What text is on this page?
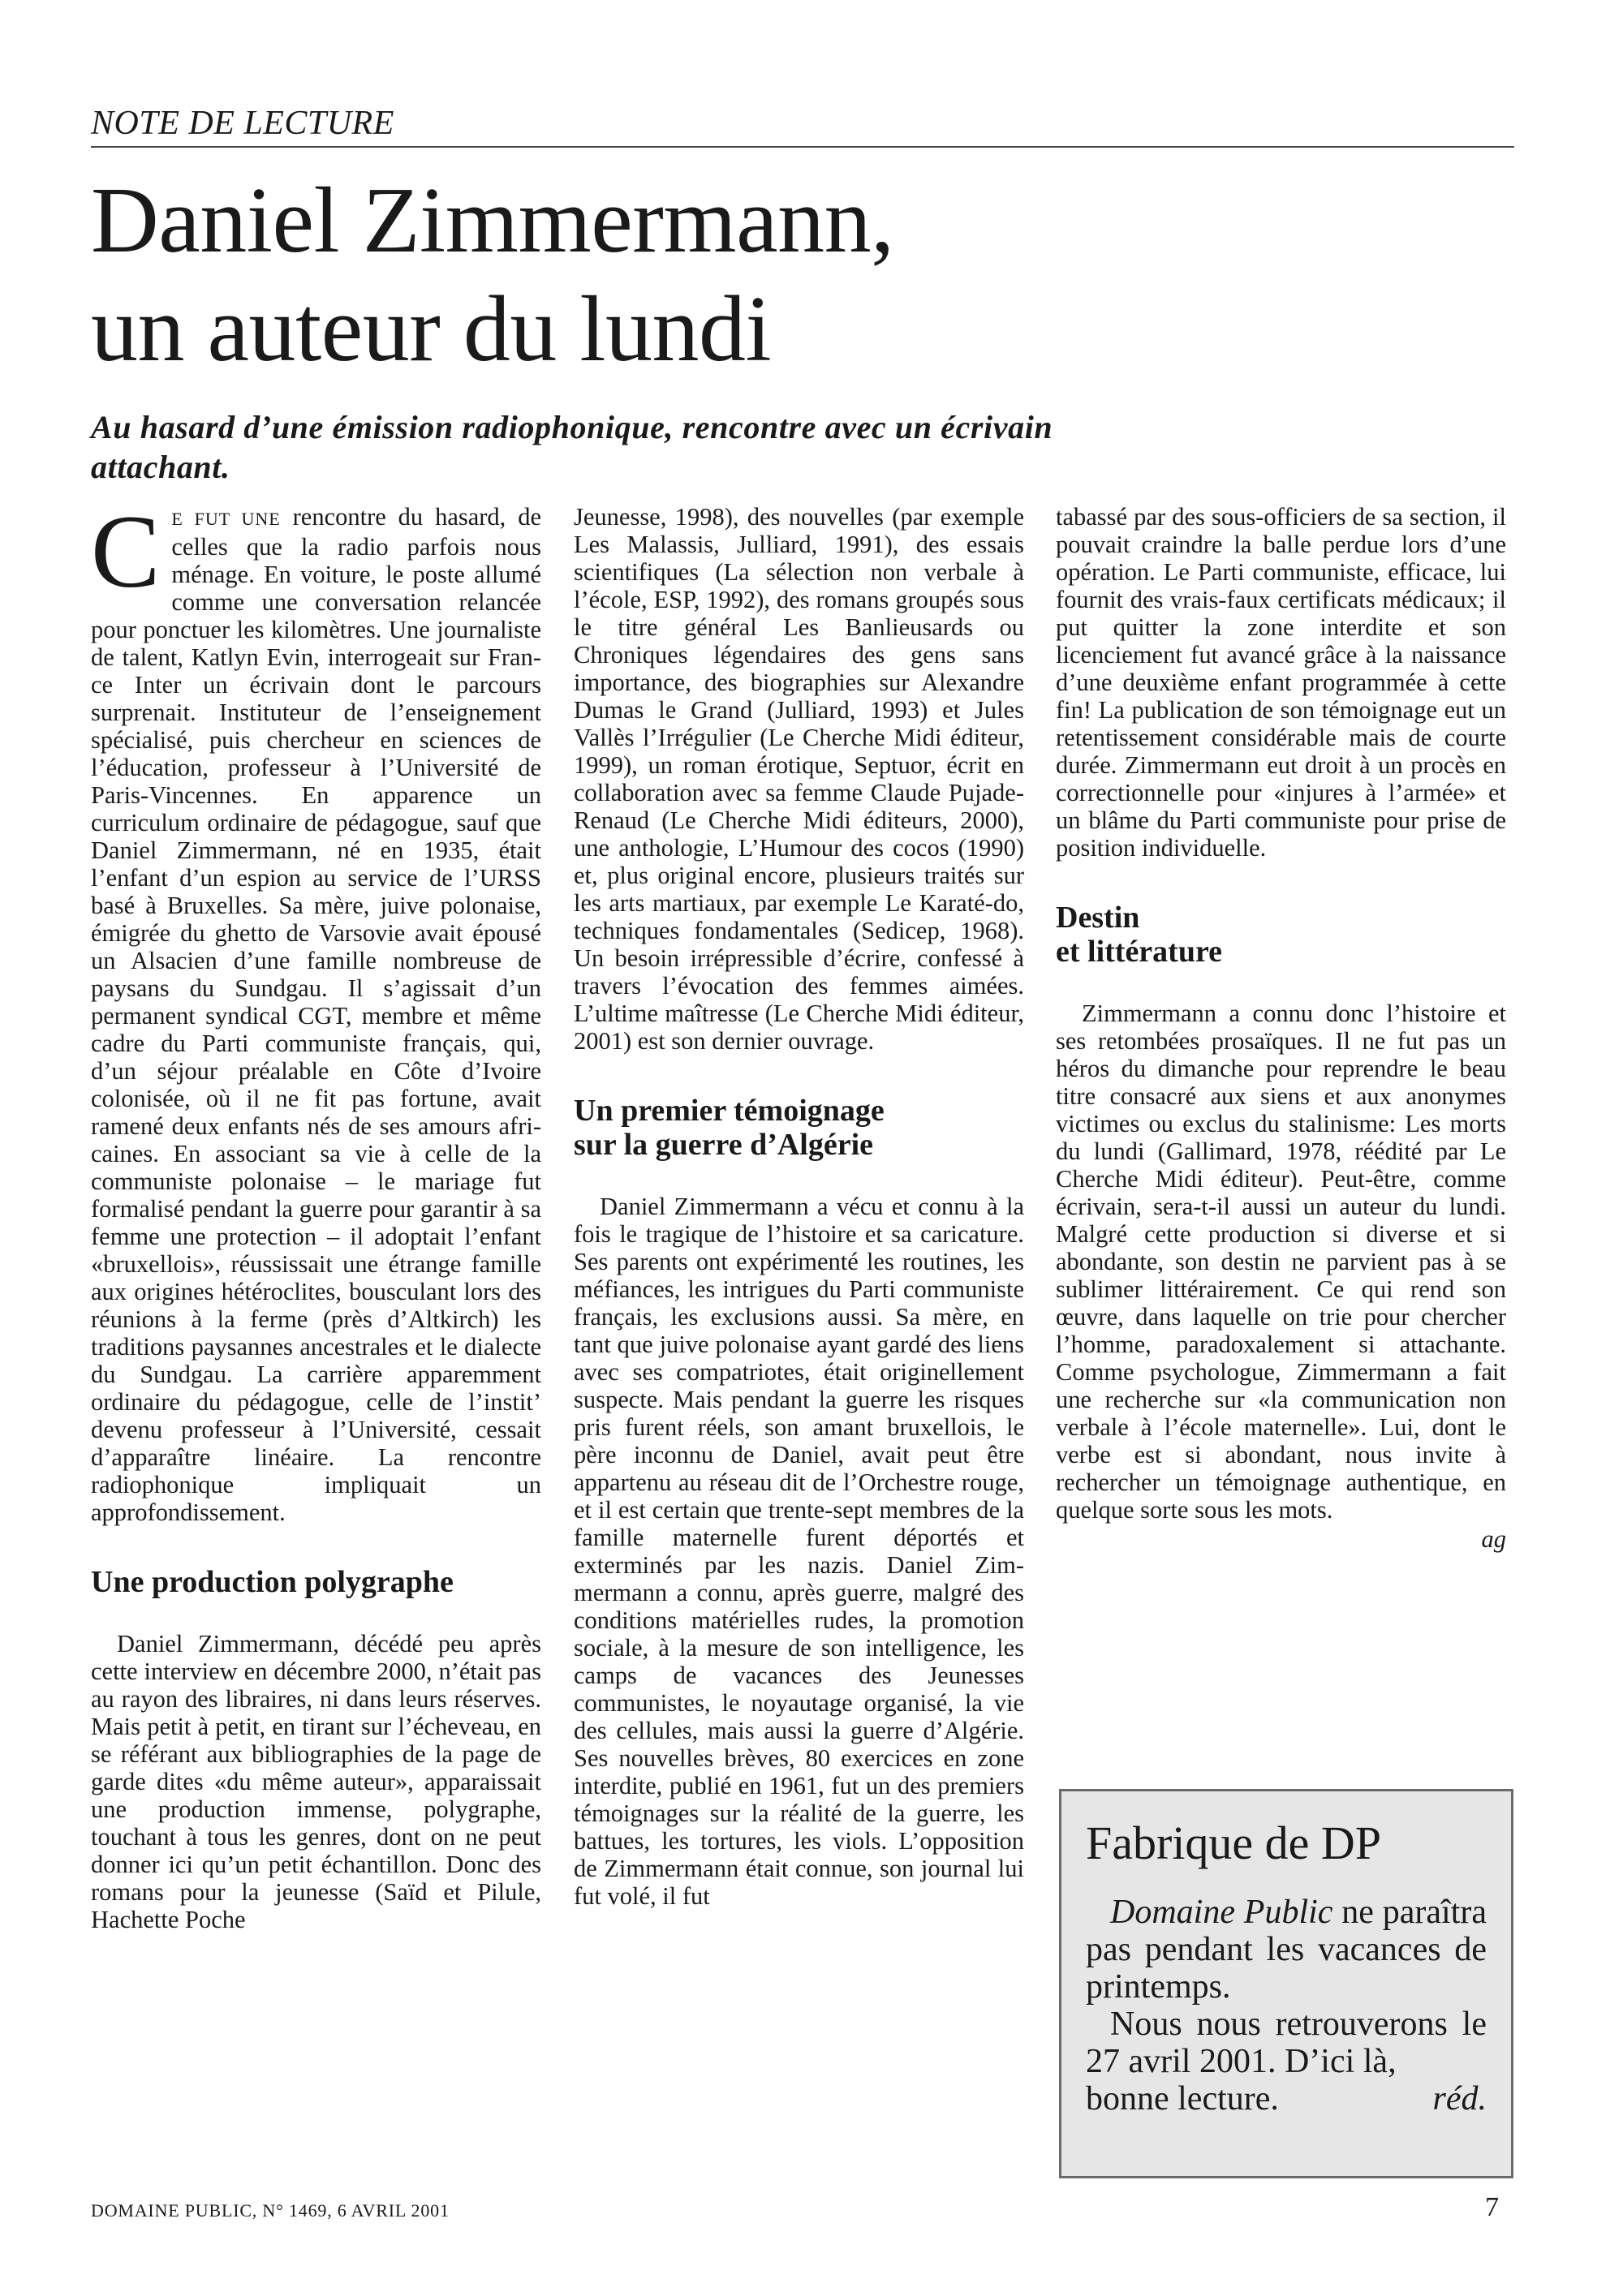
NOTE DE LECTURE
Daniel Zimmermann,
un auteur du lundi

Au hasard d’une émission radiophonique, rencontre avec un écrivain attachant.

C E FUT UNE rencontre du hasard, de celles que la radio parfois nous ménage. En voiture, le poste allumé comme une conversation relancée pour ponctuer les kilomètres. Une journaliste de talent, Katlyn Evin, interrogeait sur France Inter un écrivain dont le parcours surprenait. Instituteur de l’enseignement spécialisé, puis chercheur en sciences de l’éducation, professeur à l’Université de Paris-Vincennes. En apparence un curriculum ordinaire de pédagogue, sauf que Daniel Zimmermann, né en 1935, était l’enfant d’un espion au service de l’URSS basé à Bruxelles. Sa mère, juive polonaise, émigrée du ghetto de Varsovie avait épousé un Alsacien d’une famille nombreuse de paysans du Sundgau. Il s’agissait d’un permanent syndical CGT, membre et même cadre du Parti communiste français, qui, d’un séjour préalable en Côte d’Ivoire colonisée, où il ne fit pas fortune, avait ramené deux enfants nés de ses amours africaines. En associant sa vie à celle de la communiste polonaise – le mariage fut formalisé pendant la guerre pour garantir à sa femme une protection – il adoptait l’enfant «bruxellois», réussissait une étrange famille aux origines hétéroclites, bousculant lors des réunions à la ferme (près d’Altkirch) les traditions paysannes ancestrales et le dialecte du Sundgau. La carrière apparemment ordinaire du pédagogue, celle de l’instit’ devenu professeur à l’Université, cessait d’apparaître linéaire. La rencontre radiophonique impliquait un approfondissement.

Une production polygraphe

Daniel Zimmermann, décédé peu après cette interview en décembre 2000, n’était pas au rayon des libraires, ni dans leurs réserves. Mais petit à petit, en tirant sur l’écheveau, en se référant aux bibliographies de la page de garde dites «du même auteur», apparaissait une production immense, polygraphe, touchant à tous les genres, dont on ne peut donner ici qu’un petit échantillon. Donc des romans pour la jeunesse (Saïd et Pilule, Hachette Poche

Jeunesse, 1998), des nouvelles (par exemple Les Malassis, Julliard, 1991), des essais scientifiques (La sélection non verbale à l’école, ESP, 1992), des romans groupés sous le titre général Les Banlieusards ou Chroniques légendaires des gens sans importance, des biographies sur Alexandre Dumas le Grand (Julliard, 1993) et Jules Vallès l’Irrégulier (Le Cherche Midi éditeur, 1999), un roman érotique, Septuor, écrit en collaboration avec sa femme Claude Pujade-Renaud (Le Cherche Midi éditeurs, 2000), une anthologie, L’Humour des cocos (1990) et, plus original encore, plusieurs traités sur les arts martiaux, par exemple Le Karaté-do, techniques fondamentales (Sedicep, 1968). Un besoin irrépressible d’écrire, confessé à travers l’évocation des femmes aimées. L’ultime maîtresse (Le Cherche Midi éditeur, 2001) est son dernier ouvrage.

Un premier témoignage
sur la guerre d’Algérie

Daniel Zimmermann a vécu et connu à la fois le tragique de l’histoire et sa caricature. Ses parents ont expérimenté les routines, les méfiances, les intrigues du Parti communiste français, les exclusions aussi. Sa mère, en tant que juive polonaise ayant gardé des liens avec ses compatriotes, était originellement suspecte. Mais pendant la guerre les risques pris furent réels, son amant bruxellois, le père inconnu de Daniel, avait peut être appartenu au réseau dit de l’Orchestre rouge, et il est certain que trente-sept membres de la famille maternelle furent déportés et exterminés par les nazis. Daniel Zimmermann a connu, après guerre, malgré des conditions matérielles rudes, la promotion sociale, à la mesure de son intelligence, les camps de vacances des Jeunesses communistes, le noyautage organisé, la vie des cellules, mais aussi la guerre d’Algérie. Ses nouvelles brèves, 80 exercices en zone interdite, publié en 1961, fut un des premiers témoignages sur la réalité de la guerre, les battues, les tortures, les viols. L’opposition de Zimmermann était connue, son journal lui fut volé, il fut

tabassé par des sous-officiers de sa section, il pouvait craindre la balle perdue lors d’une opération. Le Parti communiste, efficace, lui fournit des vrais-faux certificats médicaux; il put quitter la zone interdite et son licenciement fut avancé grâce à la naissance d’une deuxième enfant programmée à cette fin! La publication de son témoignage eut un retentissement considérable mais de courte durée. Zimmermann eut droit à un procès en correctionnelle pour «injures à l’armée» et un blâme du Parti communiste pour prise de position individuelle.

Destin
et littérature

Zimmermann a connu donc l’histoire et ses retombées prosaïques. Il ne fut pas un héros du dimanche pour reprendre le beau titre consacré aux siens et aux anonymes victimes ou exclus du stalinisme: Les morts du lundi (Gallimard, 1978, réédité par Le Cherche Midi éditeur). Peut-être, comme écrivain, sera-t-il aussi un auteur du lundi. Malgré cette production si diverse et si abondante, son destin ne parvient pas à se sublimer littérairement. Ce qui rend son œuvre, dans laquelle on trie pour chercher l’homme, paradoxalement si attachante. Comme psychologue, Zimmermann a fait une recherche sur «la communication non verbale à l’école maternelle». Lui, dont le verbe est si abondant, nous invite à rechercher un témoignage authentique, en quelque sorte sous les mots.

ag
Fabrique de DP

Domaine Public ne paraîtra pas pendant les vacances de printemps.

Nous nous retrouverons le 27 avril 2001. D’ici là,

bonne lecture.	réd.
DOMAINE PUBLIC, N° 1469, 6 AVRIL 2001	7
